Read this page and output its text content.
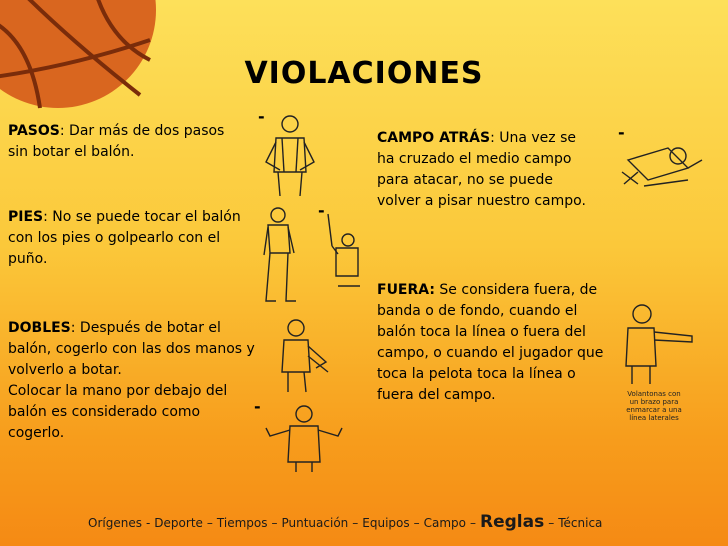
VIOLACIONES
PASOS: Dar más de dos pasos sin botar el balón.
PIES: No se puede tocar el balón con los pies o golpearlo con el puño.
DOBLES: Después de botar el balón, cogerlo con las dos manos y volverlo a botar.
Colocar la mano por debajo del balón es considerado como cogerlo.
CAMPO ATRÁS: Una vez se ha cruzado el medio campo para atacar, no se puede volver a pisar nuestro campo.
FUERA: Se considera fuera, de banda o de fondo, cuando el balón toca la línea o fuera del campo, o cuando el jugador que toca la pelota toca la línea o fuera del campo.
-
-
-
-
Volantonas con un brazo para enmarcar a una línea laterales
Orígenes - Deporte – Tiempos – Puntuación – Equipos – Campo – Reglas – Técnica
